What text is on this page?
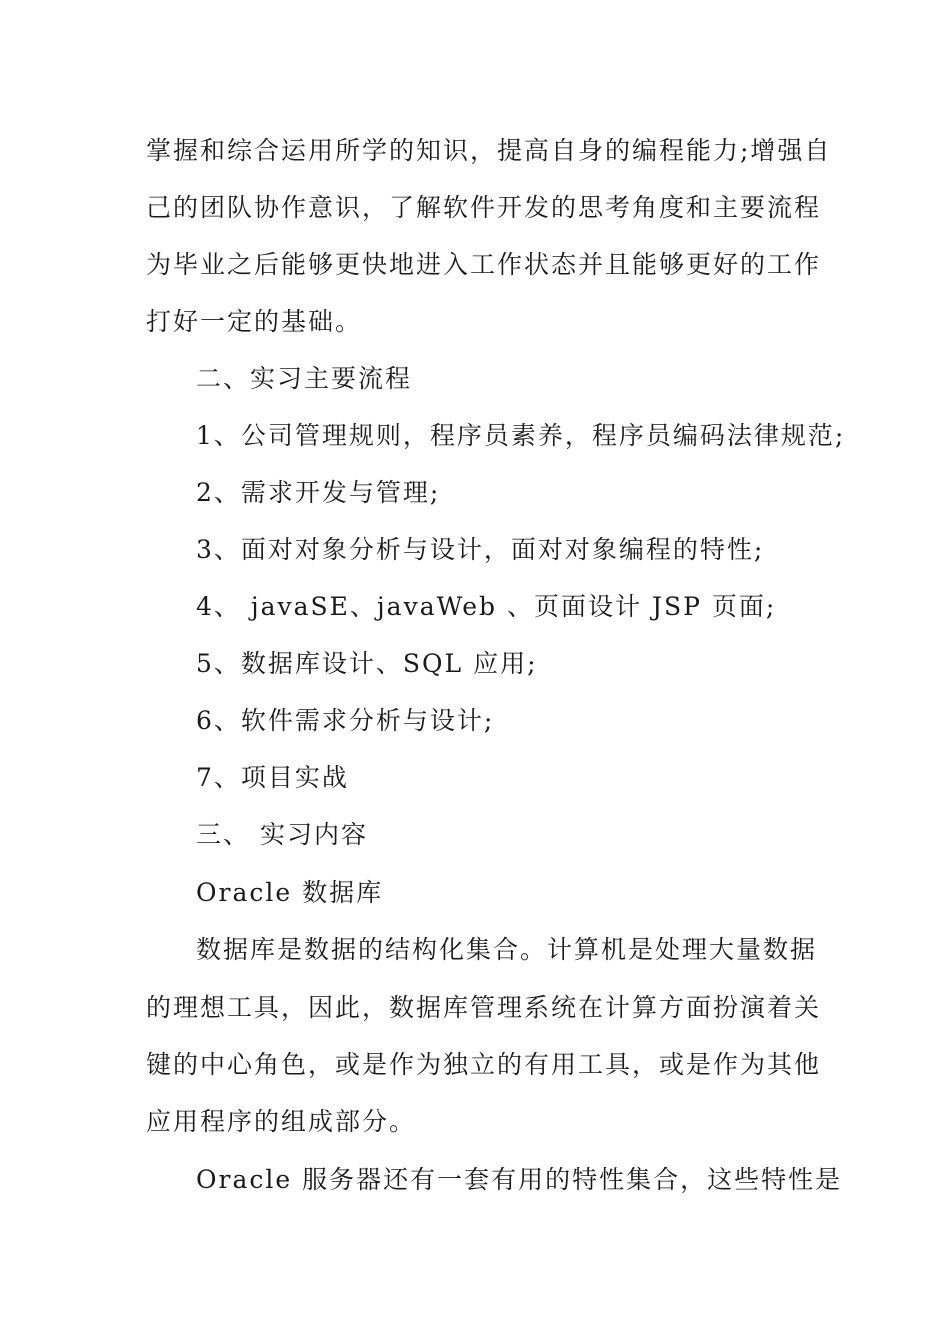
掌握和综合运用所学的知识，提高自身的编程能力;增强自
己的团队协作意识，了解软件开发的思考角度和主要流程
为毕业之后能够更快地进入工作状态并且能够更好的工作
打好一定的基础。
二、实习主要流程
1、公司管理规则，程序员素养，程序员编码法律规范;
2、需求开发与管理;
3、面对对象分析与设计，面对对象编程的特性;
4、 javaSE、javaWeb 、页面设计 JSP 页面;
5、数据库设计、SQL 应用;
6、软件需求分析与设计;
7、项目实战
三、 实习内容
Oracle 数据库
数据库是数据的结构化集合。计算机是处理大量数据
的理想工具，因此，数据库管理系统在计算方面扮演着关
键的中心角色，或是作为独立的有用工具，或是作为其他
应用程序的组成部分。
Oracle 服务器还有一套有用的特性集合，这些特性是
